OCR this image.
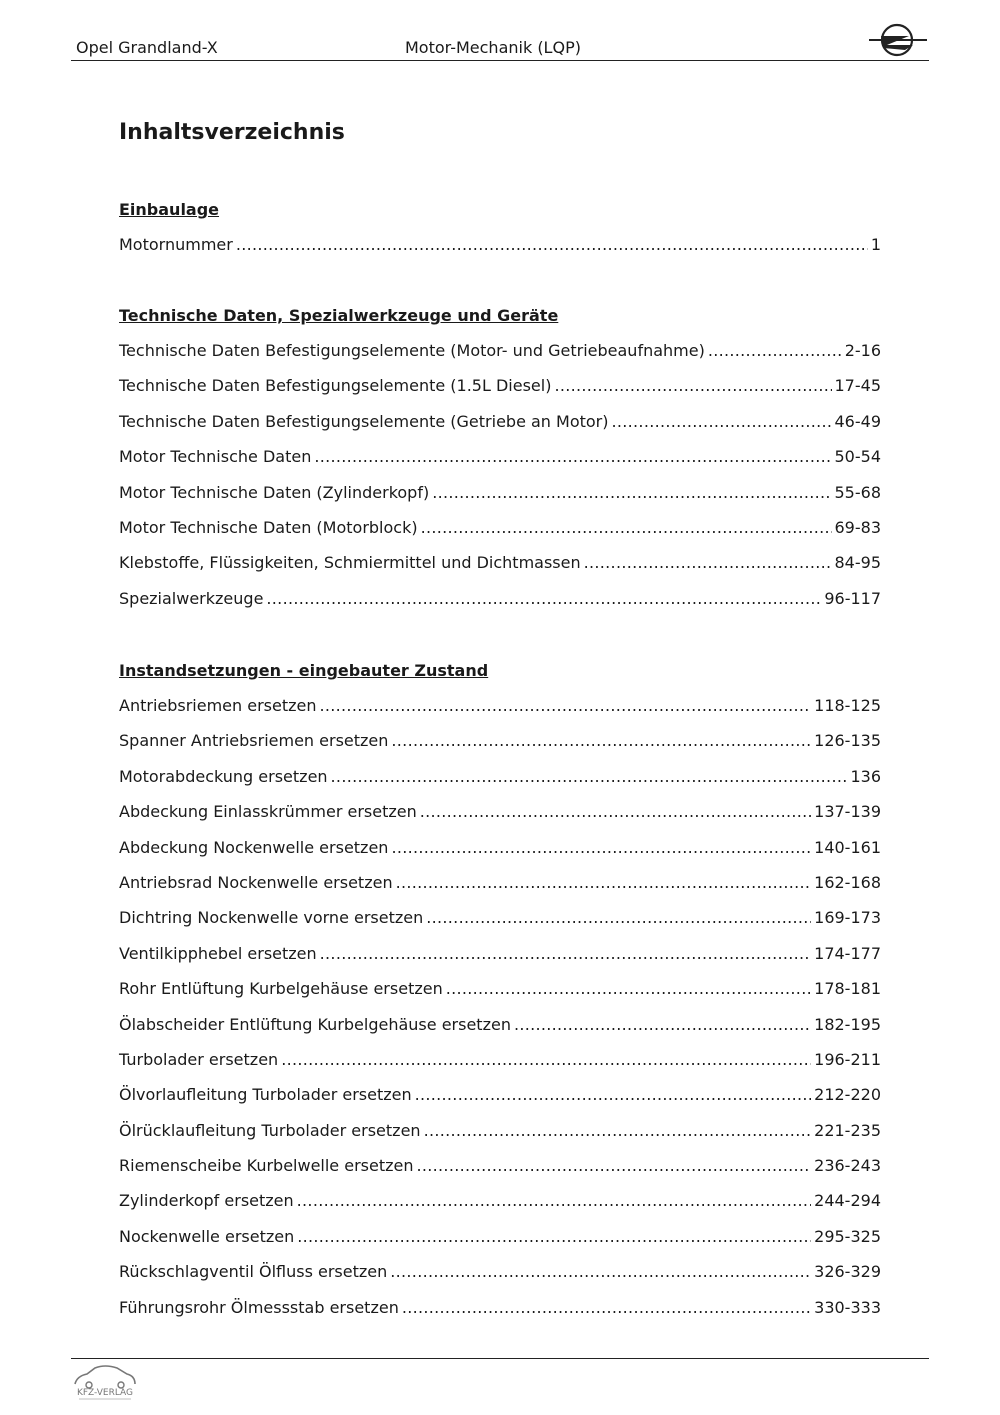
Opel Grandland-X	Motor-Mechanik (LQP)
Inhaltsverzeichnis
Einbaulage
Motornummer .....	1
Technische Daten, Spezialwerkzeuge und Geräte
Technische Daten Befestigungselemente (Motor- und Getriebeaufnahme) .....	2-16
Technische Daten Befestigungselemente (1.5L Diesel) .....	17-45
Technische Daten Befestigungselemente (Getriebe an Motor) .....	46-49
Motor Technische Daten .....	50-54
Motor Technische Daten (Zylinderkopf) .....	55-68
Motor Technische Daten (Motorblock) .....	69-83
Klebstoffe, Flüssigkeiten, Schmiermittel und Dichtmassen .....	84-95
Spezialwerkzeuge .....	96-117
Instandsetzungen - eingebauter Zustand
Antriebsriemen ersetzen .....	118-125
Spanner Antriebsriemen ersetzen .....	126-135
Motorabdeckung ersetzen .....	136
Abdeckung Einlasskrümmer ersetzen .....	137-139
Abdeckung Nockenwelle ersetzen .....	140-161
Antriebsrad Nockenwelle ersetzen .....	162-168
Dichtring Nockenwelle vorne ersetzen .....	169-173
Ventilkipphebel ersetzen .....	174-177
Rohr Entlüftung Kurbelgehäuse ersetzen .....	178-181
Ölabscheider Entlüftung Kurbelgehäuse ersetzen .....	182-195
Turbolader ersetzen .....	196-211
Ölvorlaufleitung Turbolader ersetzen .....	212-220
Ölrücklaufleitung Turbolader ersetzen .....	221-235
Riemenscheibe Kurbelwelle ersetzen .....	236-243
Zylinderkopf ersetzen .....	244-294
Nockenwelle ersetzen .....	295-325
Rückschlagventil Ölfluss ersetzen .....	326-329
Führungsrohr Ölmessstab ersetzen .....	330-333
KFZ-VERLAG
